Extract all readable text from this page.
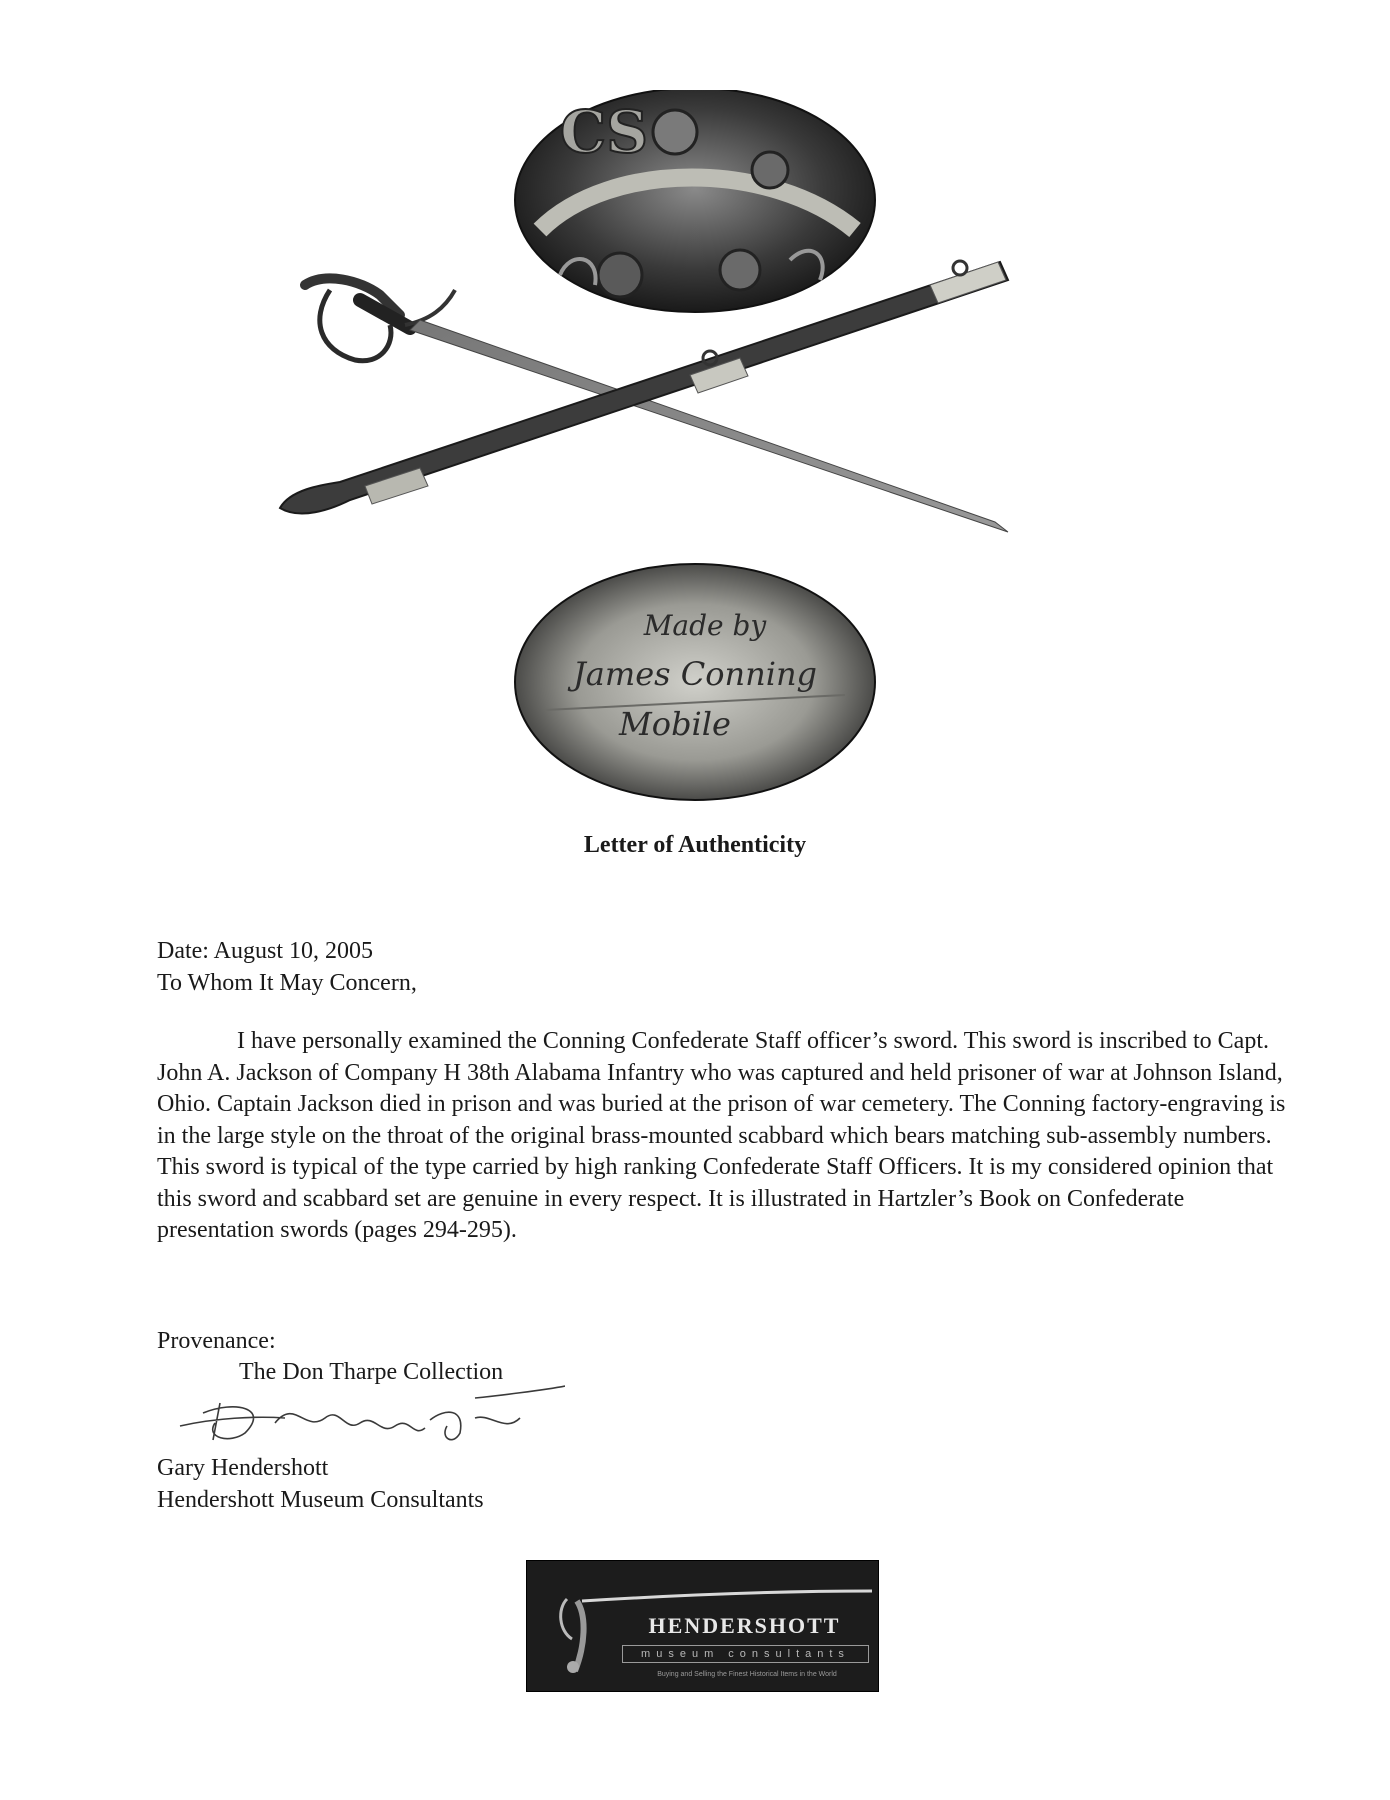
CS
Made by
James Conning
Mobile
Letter of Authenticity
Date: August 10, 2005
To Whom It May Concern,

I have personally examined the Conning Confederate Staff officer’s sword. This sword is inscribed to Capt. John A. Jackson of Company H 38th Alabama Infantry who was captured and held prisoner of war at Johnson Island, Ohio. Captain Jackson died in prison and was buried at the prison of war cemetery. The Conning factory-engraving is in the large style on the throat of the original brass-mounted scabbard which bears matching sub-assembly numbers. This sword is typical of the type carried by high ranking Confederate Staff Officers. It is my considered opinion that this sword and scabbard set are genuine in every respect. It is illustrated in Hartzler’s Book on Confederate presentation swords (pages 294-295).

Provenance:
The Don Tharpe Collection
Gary Hendershott
Hendershott Museum Consultants
HENDERSHOTT
museum consultants
Buying and Selling the Finest Historical Items in the World
